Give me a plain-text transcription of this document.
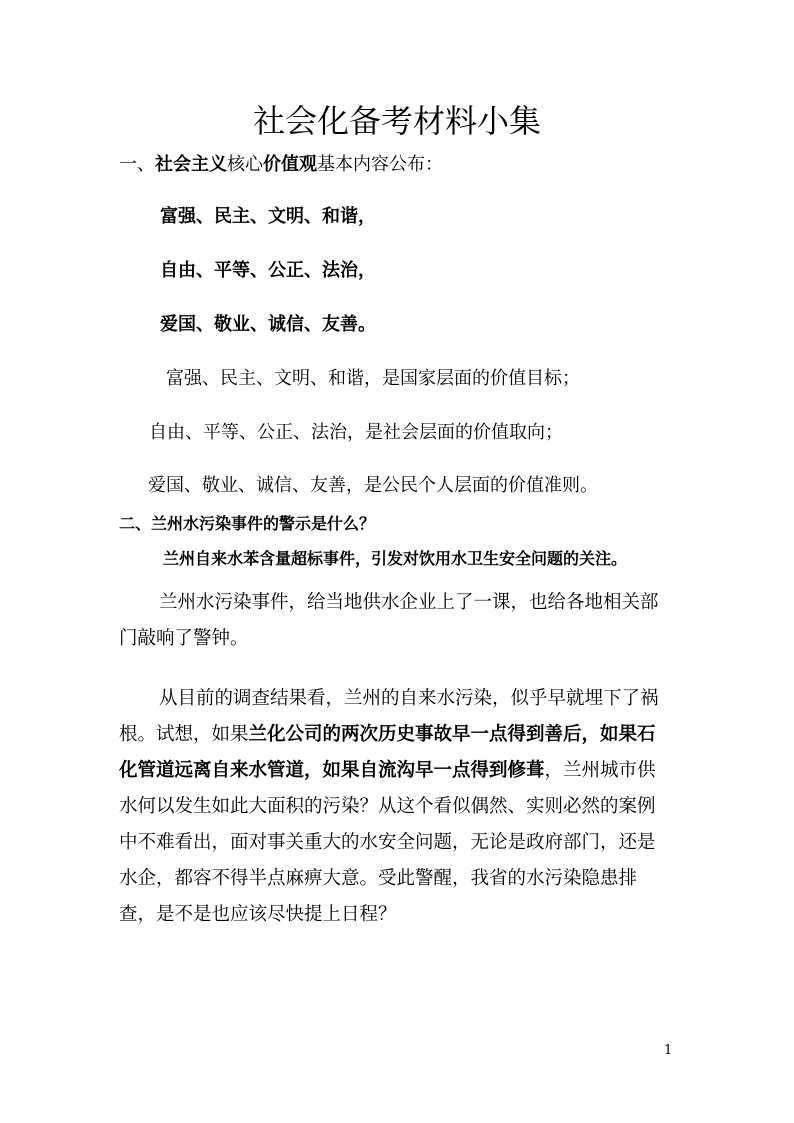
社会化备考材料小集
一、社会主义核心价值观基本内容公布：
富强、民主、文明、和谐，
自由、平等、公正、法治，
爱国、敬业、诚信、友善。
富强、民主、文明、和谐，是国家层面的价值目标；
自由、平等、公正、法治，是社会层面的价值取向；
爱国、敬业、诚信、友善，是公民个人层面的价值准则。
二、兰州水污染事件的警示是什么？
兰州自来水苯含量超标事件，引发对饮用水卫生安全问题的关注。
兰州水污染事件，给当地供水企业上了一课，也给各地相关部
门敲响了警钟。
从目前的调查结果看，兰州的自来水污染，似乎早就埋下了祸
根。试想，如果兰化公司的两次历史事故早一点得到善后，如果石
化管道远离自来水管道，如果自流沟早一点得到修葺，兰州城市供
水何以发生如此大面积的污染？从这个看似偶然、实则必然的案例
中不难看出，面对事关重大的水安全问题，无论是政府部门，还是
水企，都容不得半点麻痹大意。受此警醒，我省的水污染隐患排
查，是不是也应该尽快提上日程？
1
